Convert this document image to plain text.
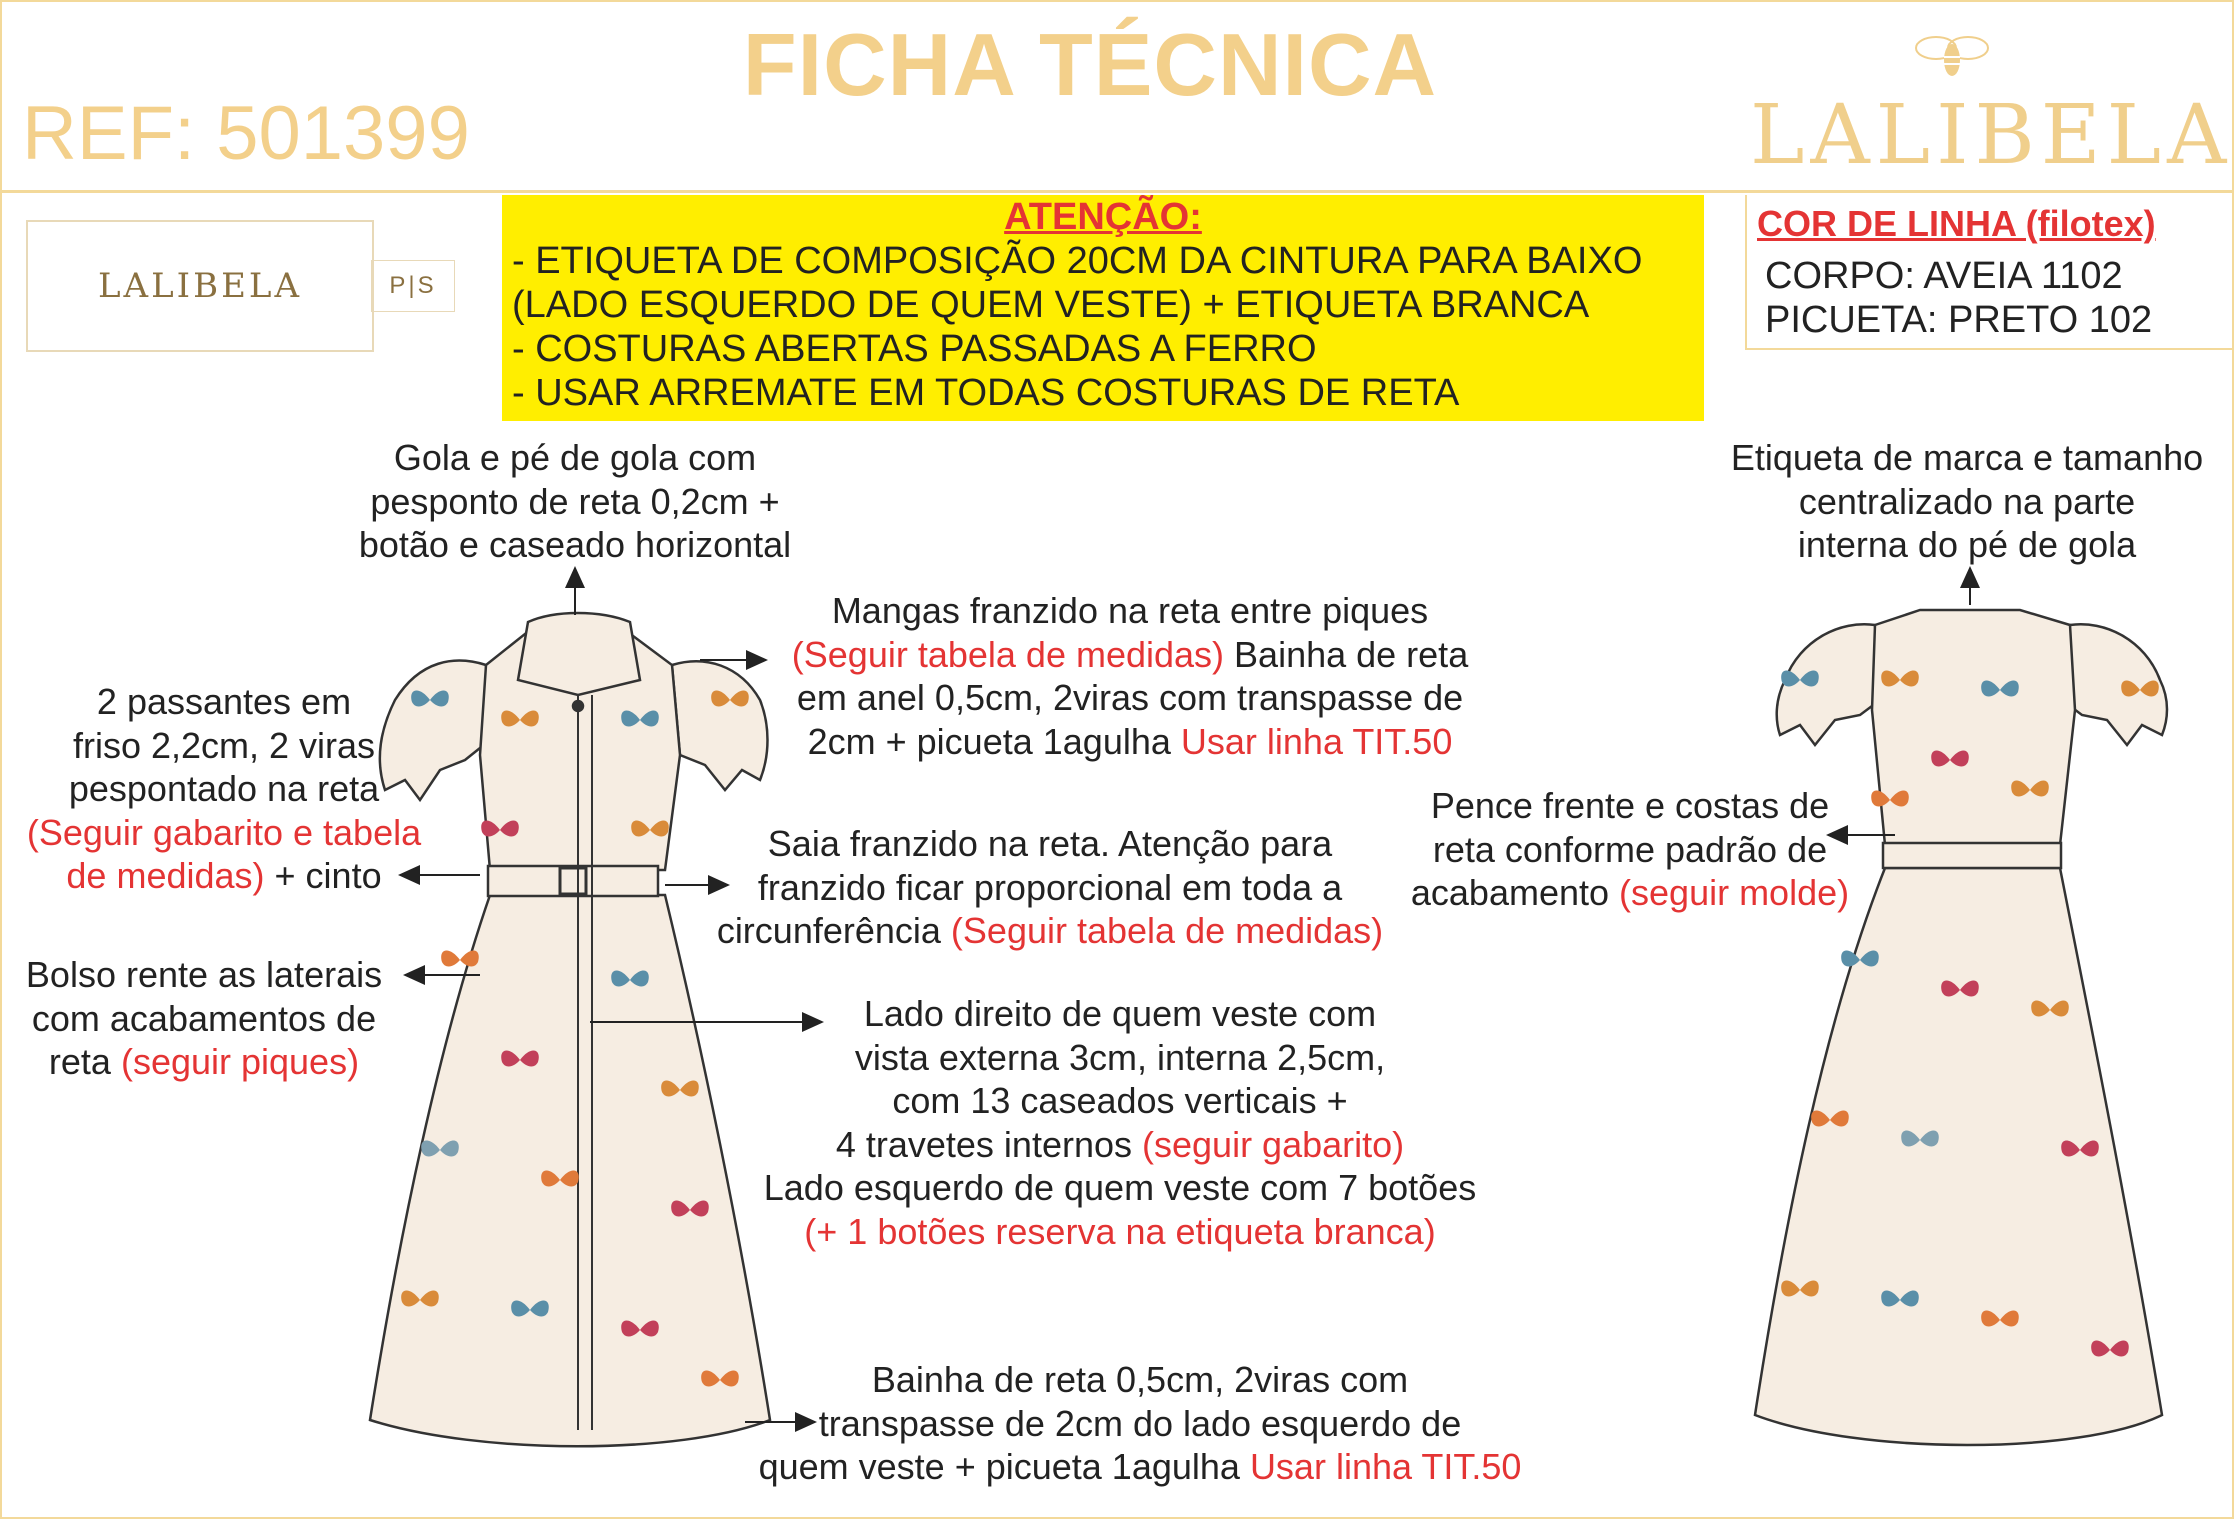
FICHA TÉCNICA
REF: 501399	LALIBELA
LALIBELA	P|S
ATENÇÃO:
- ETIQUETA DE COMPOSIÇÃO 20CM DA CINTURA PARA BAIXO
(LADO ESQUERDO DE QUEM VESTE) + ETIQUETA BRANCA
- COSTURAS ABERTAS PASSADAS A FERRO
- USAR ARREMATE EM TODAS COSTURAS DE RETA
COR DE LINHA (filotex)
CORPO: AVEIA 1102
PICUETA: PRETO 102
Gola e pé de gola com
pesponto de reta 0,2cm +
botão e caseado horizontal
Mangas franzido na reta entre piques
(Seguir tabela de medidas) Bainha de reta
em anel 0,5cm, 2viras com transpasse de
2cm + picueta 1agulha Usar linha TIT.50
2 passantes em
friso 2,2cm, 2 viras
pespontado na reta
(Seguir gabarito e tabela
de medidas) + cinto
Saia franzido na reta. Atenção para
franzido ficar proporcional em toda a
circunferência (Seguir tabela de medidas)
Bolso rente as laterais
com acabamentos de
reta (seguir piques)
Lado direito de quem veste com
vista externa 3cm, interna 2,5cm,
com 13 caseados verticais +
4 travetes internos (seguir gabarito)
Lado esquerdo de quem veste com 7 botões
(+ 1 botões reserva na etiqueta branca)
Bainha de reta 0,5cm, 2viras com
transpasse de 2cm do lado esquerdo de
quem veste + picueta 1agulha Usar linha TIT.50
Etiqueta de marca e tamanho
centralizado na parte
interna do pé de gola
Pence frente e costas de
reta conforme padrão de
acabamento (seguir molde)
